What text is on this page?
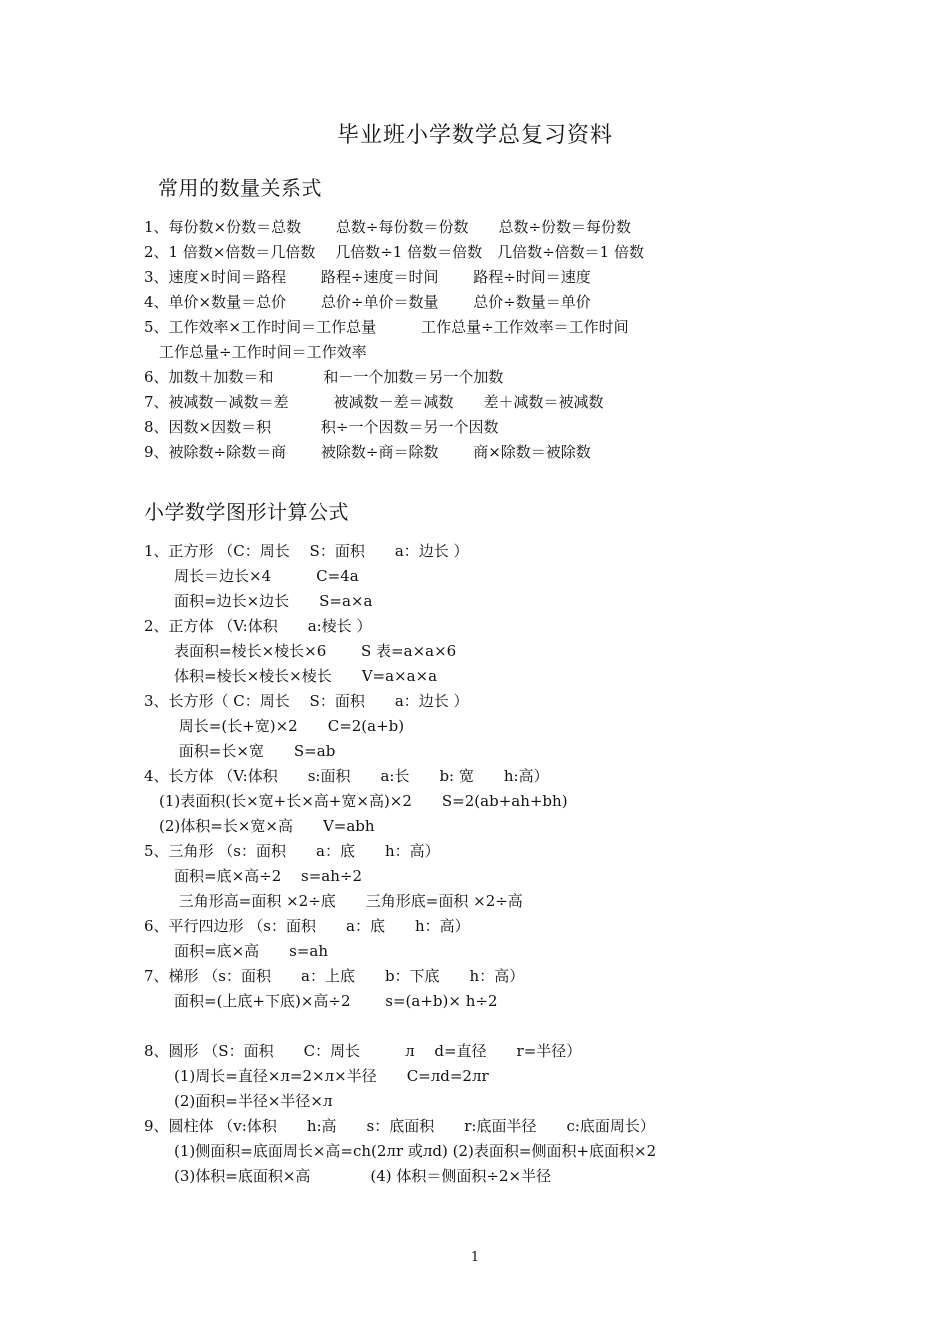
毕业班小学数学总复习资料
常用的数量关系式
1、每份数×份数＝总数　　 总数÷每份数＝份数　　总数÷份数＝每份数
2、1 倍数×倍数＝几倍数　 几倍数÷1 倍数＝倍数　几倍数÷倍数＝1 倍数
3、速度×时间＝路程　　 路程÷速度＝时间　　 路程÷时间＝速度
4、单价×数量＝总价　　 总价÷单价＝数量　　 总价÷数量＝单价
5、工作效率×工作时间＝工作总量　　　工作总量÷工作效率＝工作时间
　工作总量÷工作时间＝工作效率
6、加数＋加数＝和　　　 和－一个加数＝另一个加数
7、被减数－减数＝差　　　被减数－差＝减数　　差＋减数＝被减数
8、因数×因数＝积　　　 积÷一个因数＝另一个因数
9、被除数÷除数＝商　　 被除数÷商＝除数　　 商×除数＝被除数
小学数学图形计算公式
1、正方形 （C：周长　 S：面积　　a：边长 ）
　　周长＝边长×4　　　C=4a
　　面积=边长×边长　　S=a×a
2、正方体 （V:体积　　a:棱长 ）
　　表面积=棱长×棱长×6　　 S 表=a×a×6
　　体积=棱长×棱长×棱长　　V=a×a×a
3、长方形（ C：周长　 S：面积　　a：边长 ）
　　 周长=(长+宽)×2　　C=2(a+b)
　　 面积=长×宽　　S=ab
4、长方体 （V:体积　　s:面积　　a:长　　b: 宽　　h:高）
　(1)表面积(长×宽+长×高+宽×高)×2　　S=2(ab+ah+bh)
　(2)体积=长×宽×高　　V=abh
5、三角形 （s：面积　　a：底　　h：高）
　　面积=底×高÷2　 s=ah÷2
　　 三角形高=面积 ×2÷底　　三角形底=面积 ×2÷高
6、平行四边形 （s：面积　　a：底　　h：高）
　　面积=底×高　　s=ah
7、梯形 （s：面积　　a：上底　　b：下底　　h：高）
　　面积=(上底+下底)×高÷2　　 s=(a+b)× h÷2
8、圆形 （S：面积　　C：周长　　　л　 d=直径　　r=半径）
　　(1)周长=直径×л=2×л×半径　　C=лd=2лr
　　(2)面积=半径×半径×л
9、圆柱体 （v:体积　　h:高　　s：底面积　　r:底面半径　　c:底面周长）
　　(1)侧面积=底面周长×高=ch(2лr 或лd) (2)表面积=侧面积+底面积×2
　　(3)体积=底面积×高　　　　(4) 体积＝侧面积÷2×半径
1
